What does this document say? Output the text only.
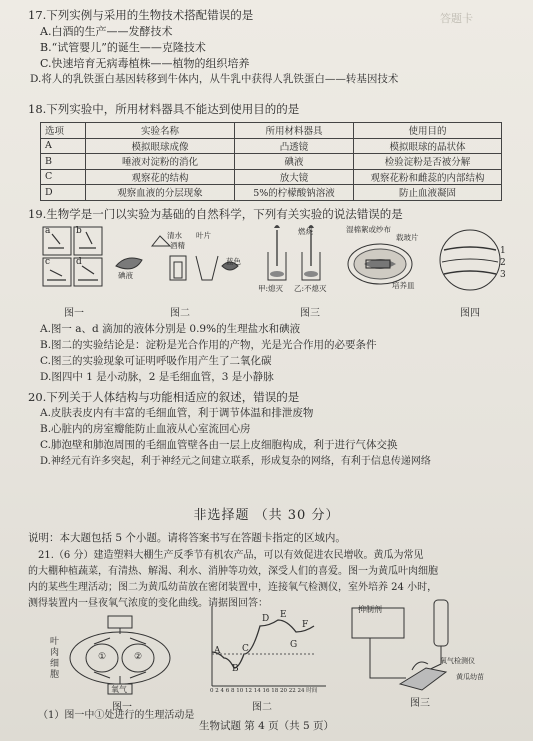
答题卡
17.下列实例与采用的生物技术搭配错误的是
A.白酒的生产——发酵技术
B.“试管婴儿”的诞生——克隆技术
C.快速培育无病毒植株——植物的组织培养
D.将人的乳铁蛋白基因转移到牛体内，从牛乳中获得人乳铁蛋白——转基因技术
18.下列实验中，所用材料器具不能达到使用目的的是
选项	实验名称	所用材料器具	使用目的
A	模拟眼球成像	凸透镜	模拟眼球的晶状体
B	唾液对淀粉的消化	碘液	检验淀粉是否被分解
C	观察花的结构	放大镜	观察花粉和雌蕊的内部结构
D	观察血液的分层现象	5%的柠檬酸钠溶液	防止血液凝固
19.生物学是一门以实验为基础的自然科学，下列有关实验的说法错误的是
a	b
c	d
清水
酒精
叶片
碘液
蓝色
燃烧
甲:熄灭 乙:不熄灭
湿棉絮或纱布
载玻片
培养皿
1
2
3
图一	图二	图三	图四
A.图一 a、d 滴加的液体分别是 0.9%的生理盐水和碘液
B.图二的实验结论是：淀粉是光合作用的产物，光是光合作用的必要条件
C.图三的实验现象可证明呼吸作用产生了二氧化碳
D.图四中 1 是小动脉，2 是毛细血管，3 是小静脉
20.下列关于人体结构与功能相适应的叙述，错误的是
A.皮肤表皮内有丰富的毛细血管，利于调节体温和排泄废物
B.心脏内的房室瓣能防止血液从心室流回心房
C.肺泡壁和肺泡周围的毛细血管壁各由一层上皮细胞构成，利于进行气体交换
D.神经元有许多突起，利于神经元之间建立联系，形成复杂的网络，有利于信息传递网络
非选择题 （共 30 分）
说明：本大题包括 5 个小题。请将答案书写在答题卡指定的区域内。
21.（6 分）建造塑料大棚生产反季节有机农产品，可以有效促进农民增收。黄瓜为常见
的大棚种植蔬菜，有清热、解渴、利水、消肿等功效，深受人们的喜爱。图一为黄瓜叶肉细胞
内的某些生理活动；图二为黄瓜幼苗放在密闭装置中，连接氧气检测仪，室外培养 24 小时，
测得装置内一昼夜氧气浓度的变化曲线。请据图回答：
叶
肉
细
胞
①	②
氧气
图一
A
B
C
D E
F
G
0 2 4 6 8 10 12 14 16 18 20 22 24 时间
图二
抑制剂
氧气检测仪
黄瓜幼苗
图三
（1）图一中①处进行的生理活动是
生物试题 第 4 页（共 5 页）
